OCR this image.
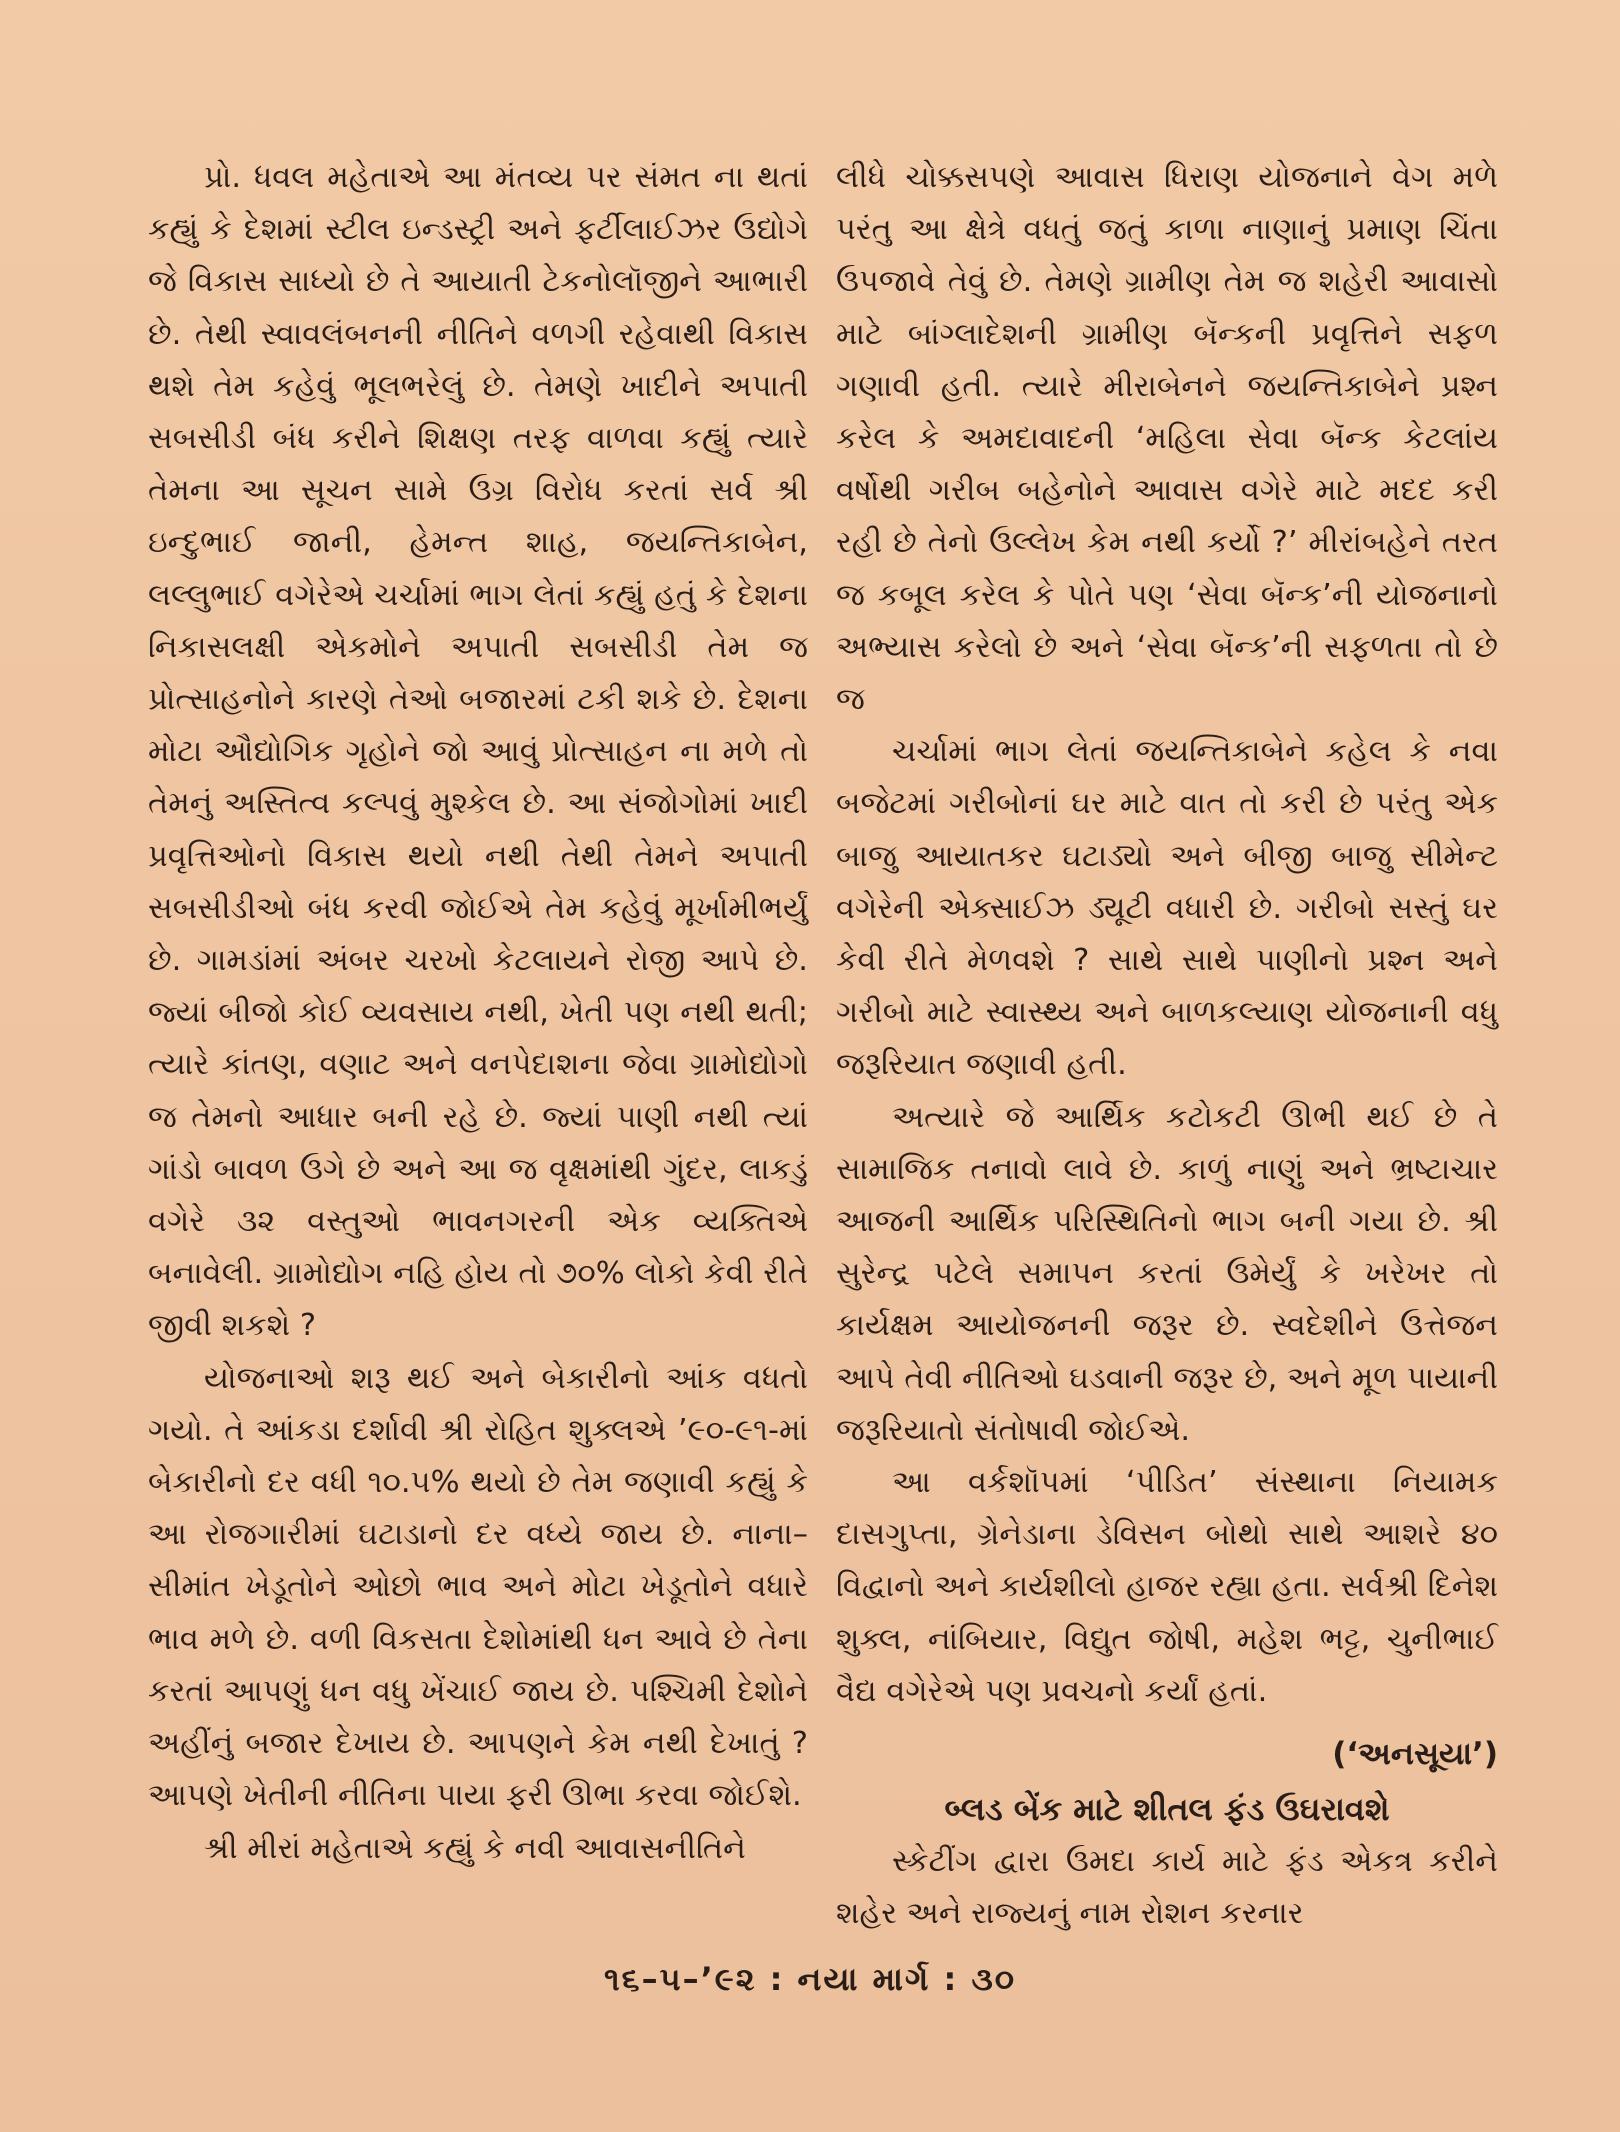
પ્રો. ધવલ મહેતાએ આ મંતવ્ય પર સંમત ના થતાં કહ્યું કે દેશમાં સ્ટીલ ઇન્ડસ્ટ્રી અને ફર્ટીલાઈઝર ઉદ્યોગે જે વિકાસ સાધ્યો છે તે આયાતી ટેકનોલૉજીને આભારી છે. તેથી સ્વાવલંબનની નીતિને વળગી રહેવાથી વિકાસ થશે તેમ કહેવું ભૂલભરેલું છે. તેમણે ખાદીને અપાતી સબસીડી બંધ કરીને શિક્ષણ તરફ વાળવા કહ્યું ત્યારે તેમના આ સૂચન સામે ઉગ્ર વિરોધ કરતાં સર્વ શ્રી ઇન્દુભાઈ જાની, હેમન્ત શાહ, જયન્તિકાબેન, લલ્લુભાઈ વગેરેએ ચર્ચામાં ભાગ લેતાં કહ્યું હતું કે દેશના નિકાસલક્ષી એકમોને અપાતી સબસીડી તેમ જ પ્રોત્સાહનોને કારણે તેઓ બજારમાં ટકી શકે છે. દેશના મોટા ઔદ્યોગિક ગૃહોને જો આવું પ્રોત્સાહન ના મળે તો તેમનું અસ્તિત્વ કલ્પવું મુશ્કેલ છે. આ સંજોગોમાં ખાદી પ્રવૃત્તિઓનો વિકાસ થયો નથી તેથી તેમને અપાતી સબસીડીઓ બંધ કરવી જોઈએ તેમ કહેવું મૂર્ખામીભર્યું છે. ગામડાંમાં અંબર ચરખો કેટલાયને રોજી આપે છે. જ્યાં બીજો કોઈ વ્યવસાય નથી, ખેતી પણ નથી થતી; ત્યારે કાંતણ, વણાટ અને વનપેદાશના જેવા ગ્રામોદ્યોગો જ તેમનો આધાર બની રહે છે. જ્યાં પાણી નથી ત્યાં ગાંડો બાવળ ઉગે છે અને આ જ વૃક્ષમાંથી ગુંદર, લાકડું વગેરે ૩૨ વસ્તુઓ ભાવનગરની એક વ્યક્તિએ બનાવેલી. ગ્રામોદ્યોગ નહિ હોય તો ૭૦% લોકો કેવી રીતે જીવી શકશે ?

યોજનાઓ શરૂ થઈ અને બેકારીનો આંક વધતો ગયો. તે આંકડા દર્શાવી શ્રી રોહિત શુક્લએ ’૯૦-૯૧-માં બેકારીનો દર વધી ૧૦.૫% થયો છે તેમ જણાવી કહ્યું કે આ રોજગારીમાં ઘટાડાનો દર વધ્યે જાય છે. નાના–સીમાંત ખેડૂતોને ઓછો ભાવ અને મોટા ખેડૂતોને વધારે ભાવ મળે છે. વળી વિકસતા દેશોમાંથી ધન આવે છે તેના કરતાં આપણું ધન વધુ ખેંચાઈ જાય છે. પશ્ચિમી દેશોને અહીંનું બજાર દેખાય છે. આપણને કેમ નથી દેખાતું ? આપણે ખેતીની નીતિના પાયા ફરી ઊભા કરવા જોઈશે.

શ્રી મીરાં મહેતાએ કહ્યું કે નવી આવાસનીતિને

લીધે ચોક્કસપણે આવાસ ધિરાણ યોજનાને વેગ મળે પરંતુ આ ક્ષેત્રે વધતું જતું કાળા નાણાનું પ્રમાણ ચિંતા ઉપજાવે તેવું છે. તેમણે ગ્રામીણ તેમ જ શહેરી આવાસો માટે બાંગ્લાદેશની ગ્રામીણ બૅન્કની પ્રવૃત્તિને સફળ ગણાવી હતી. ત્યારે મીરાબેનને જયન્તિકાબેને પ્રશ્ન કરેલ કે અમદાવાદની ‘મહિલા સેવા બૅન્ક કેટલાંય વર્ષોથી ગરીબ બહેનોને આવાસ વગેરે માટે મદદ કરી રહી છે તેનો ઉલ્લેખ કેમ નથી કર્યો ?’ મીરાંબહેને તરત જ કબૂલ કરેલ કે પોતે પણ ‘સેવા બૅન્ક’ની યોજનાનો અભ્યાસ કરેલો છે અને ‘સેવા બૅન્ક’ની સફળતા તો છે જ

ચર્ચામાં ભાગ લેતાં જયન્તિકાબેને કહેલ કે નવા બજેટમાં ગરીબોનાં ઘર માટે વાત તો કરી છે પરંતુ એક બાજુ આયાતકર ઘટાડ્યો અને બીજી બાજુ સીમેન્ટ વગેરેની એક્સાઈઝ ડ્યૂટી વધારી છે. ગરીબો સસ્તું ઘર કેવી રીતે મેળવશે ? સાથે સાથે પાણીનો પ્રશ્ન અને ગરીબો માટે સ્વાસ્થ્ય અને બાળકલ્યાણ યોજનાની વધુ જરૂરિયાત જણાવી હતી.

અત્યારે જે આર્થિક કટોકટી ઊભી થઈ છે તે સામાજિક તનાવો લાવે છે. કાળું નાણું અને ભ્રષ્ટાચાર આજની આર્થિક પરિસ્થિતિનો ભાગ બની ગયા છે. શ્રી સુરેન્દ્ર પટેલે સમાપન કરતાં ઉમેર્યું કે ખરેખર તો કાર્યક્ષમ આયોજનની જરૂર છે. સ્વદેશીને ઉત્તેજન આપે તેવી નીતિઓ ઘડવાની જરૂર છે, અને મૂળ પાયાની જરૂરિયાતો સંતોષાવી જોઈએ.

આ વર્કશૉપમાં ‘પીડિત’ સંસ્થાના નિયામક દાસગુપ્તા, ગ્રેનેડાના ડેવિસન બોથો સાથે આશરે ૪૦ વિદ્વાનો અને કાર્યશીલો હાજર રહ્યા હતા. સર્વશ્રી દિનેશ શુક્લ, નાંબિયાર, વિદ્યુત જોષી, મહેશ ભટ્ટ, ચુનીભાઈ વૈદ્ય વગેરેએ પણ પ્રવચનો કર્યાં હતાં.

(‘અનસૂયા’)

બ્લડ બેંક માટે શીતલ ફંડ ઉઘરાવશે

સ્કેટીંગ દ્વારા ઉમદા કાર્ય માટે ફંડ એકત્ર કરીને શહેર અને રાજ્યનું નામ રોશન કરનાર

૧૬–૫–’૯૨ : નયા માર્ગ : ૩૦
